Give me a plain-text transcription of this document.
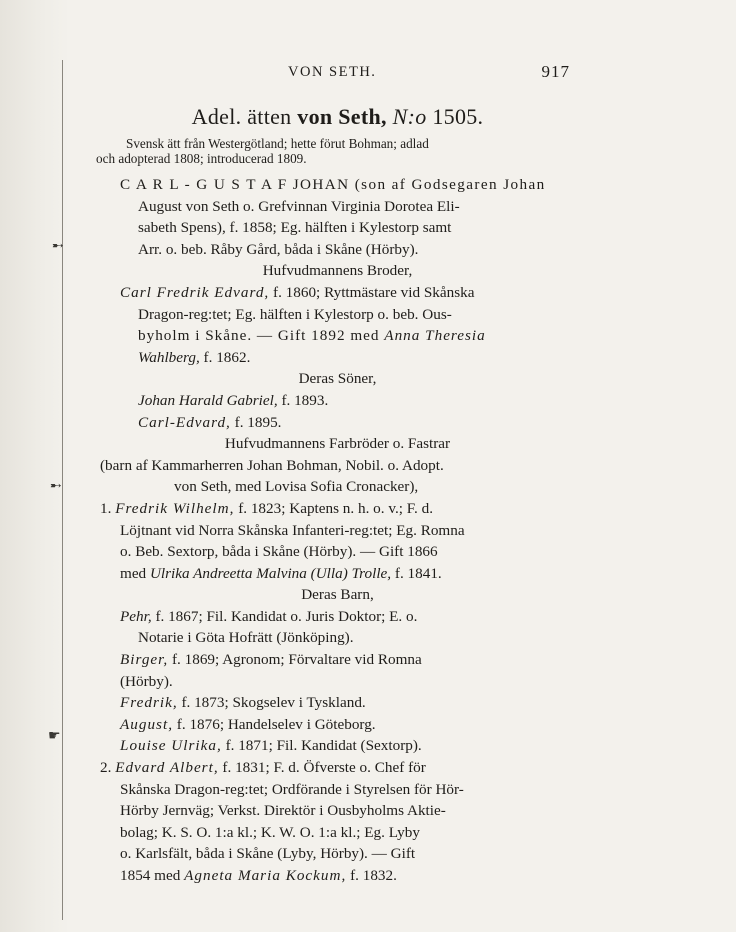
➸
➸
☛
VON SETH.	917
Adel. ätten von Seth, N:o 1505.
Svensk ätt från Westergötland; hette förut Bohman; adlad
och adopterad 1808; introducerad 1809.
C A R L - G U S T A F JOHAN (son af Godsegaren Johan
August von Seth o. Grefvinnan Virginia Dorotea Eli-
sabeth Spens), f. 1858; Eg. hälften i Kylestorp samt
Arr. o. beb. Råby Gård, båda i Skåne (Hörby).
Hufvudmannens Broder,
Carl Fredrik Edvard, f. 1860; Ryttmästare vid Skånska
Dragon-reg:tet; Eg. hälften i Kylestorp o. beb. Ous-
byholm i Skåne. — Gift 1892 med Anna Theresia
Wahlberg, f. 1862.
Deras Söner,
Johan Harald Gabriel, f. 1893.
Carl-Edvard, f. 1895.
Hufvudmannens Farbröder o. Fastrar
(barn af Kammarherren Johan Bohman, Nobil. o. Adopt.
von Seth, med Lovisa Sofia Cronacker),
1. Fredrik Wilhelm, f. 1823; Kaptens n. h. o. v.; F. d.
Löjtnant vid Norra Skånska Infanteri-reg:tet; Eg. Romna
o. Beb. Sextorp, båda i Skåne (Hörby). — Gift 1866
med Ulrika Andreetta Malvina (Ulla) Trolle, f. 1841.
Deras Barn,
Pehr, f. 1867; Fil. Kandidat o. Juris Doktor; E. o.
Notarie i Göta Hofrätt (Jönköping).
Birger, f. 1869; Agronom; Förvaltare vid Romna
(Hörby).
Fredrik, f. 1873; Skogselev i Tyskland.
August, f. 1876; Handelselev i Göteborg.
Louise Ulrika, f. 1871; Fil. Kandidat (Sextorp).
2. Edvard Albert, f. 1831; F. d. Öfverste o. Chef för
Skånska Dragon-reg:tet; Ordförande i Styrelsen för Hör-
Hörby Jernväg; Verkst. Direktör i Ousbyholms Aktie-
bolag; K. S. O. 1:a kl.; K. W. O. 1:a kl.; Eg. Lyby
o. Karlsfält, båda i Skåne (Lyby, Hörby). — Gift
1854 med Agneta Maria Kockum, f. 1832.
